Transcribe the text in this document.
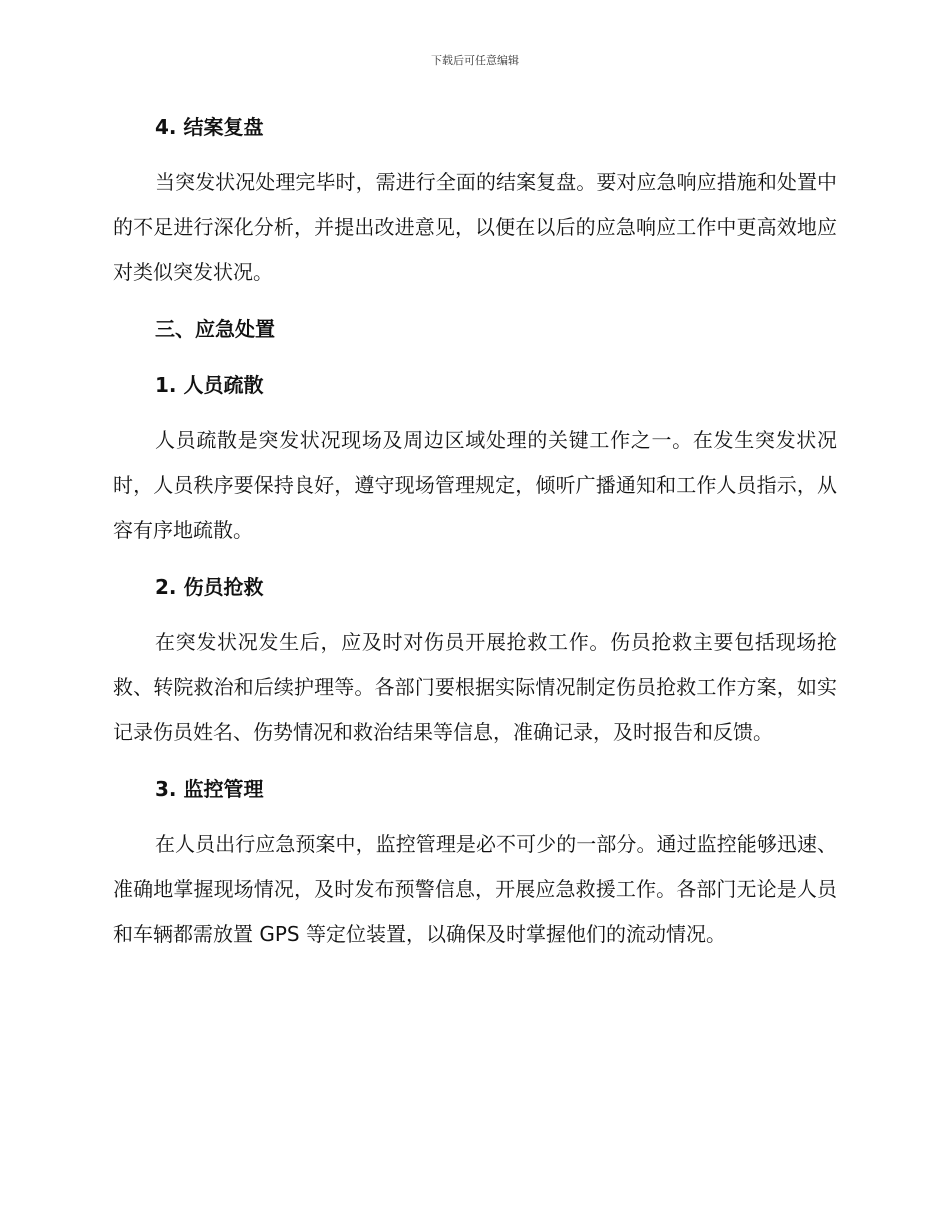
下载后可任意编辑
4. 结案复盘

当突发状况处理完毕时，需进行全面的结案复盘。要对应急响应措施和处置中的不足进行深化分析，并提出改进意见，以便在以后的应急响应工作中更高效地应对类似突发状况。

三、应急处置
1. 人员疏散

人员疏散是突发状况现场及周边区域处理的关键工作之一。在发生突发状况时，人员秩序要保持良好，遵守现场管理规定，倾听广播通知和工作人员指示，从容有序地疏散。

2. 伤员抢救

在突发状况发生后，应及时对伤员开展抢救工作。伤员抢救主要包括现场抢救、转院救治和后续护理等。各部门要根据实际情况制定伤员抢救工作方案，如实记录伤员姓名、伤势情况和救治结果等信息，准确记录，及时报告和反馈。

3. 监控管理

在人员出行应急预案中，监控管理是必不可少的一部分。通过监控能够迅速、准确地掌握现场情况，及时发布预警信息，开展应急救援工作。各部门无论是人员和车辆都需放置 GPS 等定位装置，以确保及时掌握他们的流动情况。
